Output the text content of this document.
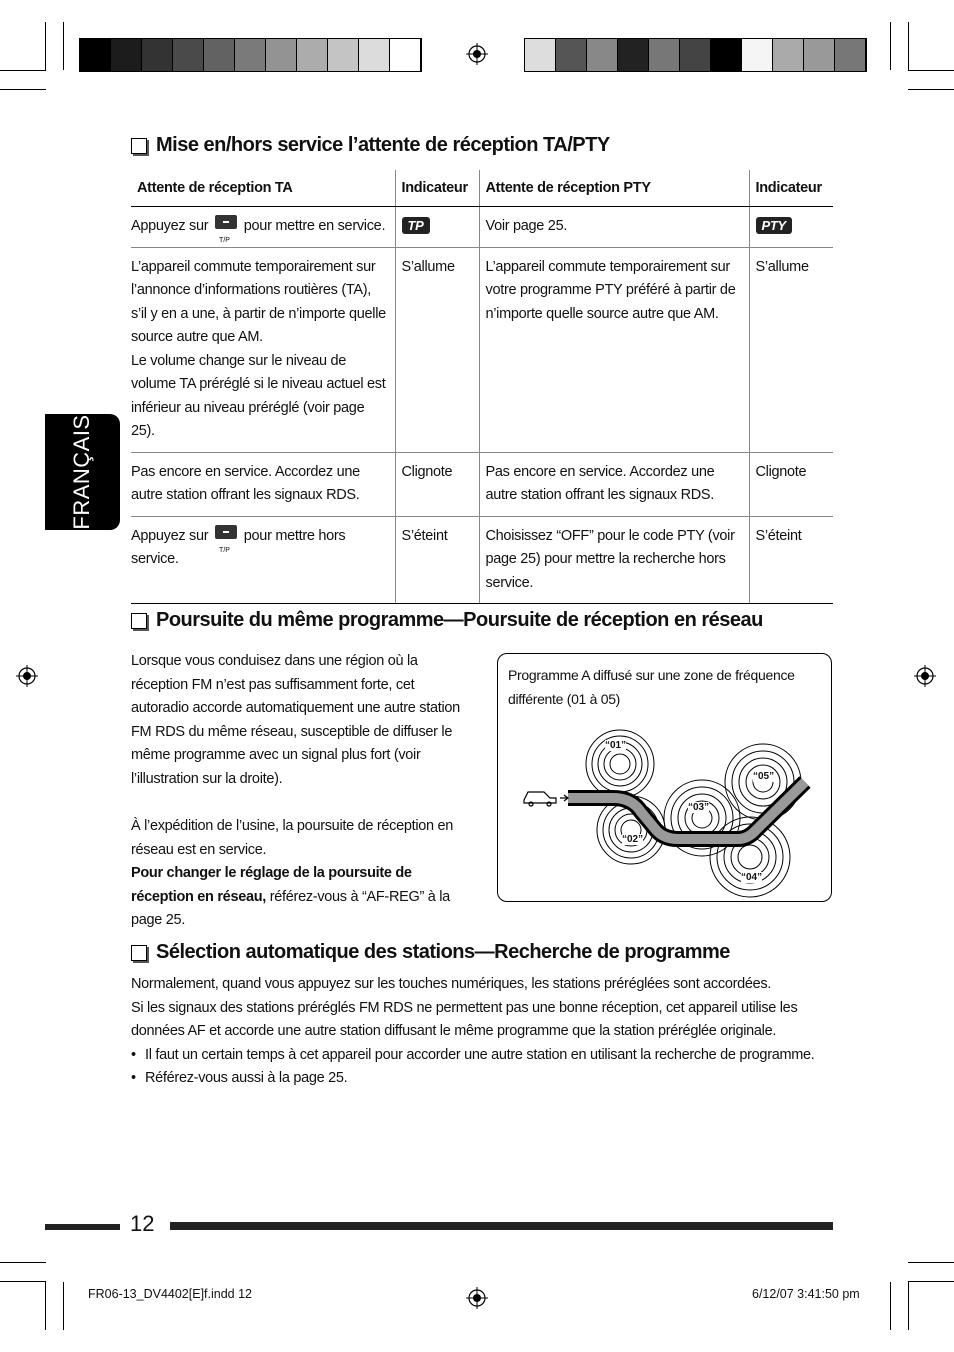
FRANÇAIS
Mise en/hors service l’attente de réception TA/PTY
Attente de réception TA	Indicateur	Attente de réception PTY	Indicateur
Appuyez sur
T/P
pour mettre en service.	TP	Voir page 25.	PTY

L’appareil commute temporairement sur l’annonce d’informations routières (TA), s’il y en a une, à partir de n’importe quelle source autre que AM.
Le volume change sur le niveau de volume TA préréglé si le niveau actuel est inférieur au niveau préréglé (voir page 25).	S’allume	L’appareil commute temporairement sur votre programme PTY préféré à partir de n’importe quelle source autre que AM.	S’allume
Pas encore en service. Accordez une autre station offrant les signaux RDS.	Clignote	Pas encore en service. Accordez une autre station offrant les signaux RDS.	Clignote
Appuyez sur
T/P
pour mettre hors service.	S’éteint	Choisissez “OFF” pour le code PTY (voir page 25) pour mettre la recherche hors service.	S’éteint
Poursuite du même programme—Poursuite de réception en réseau
Lorsque vous conduisez dans une région où la réception FM n’est pas suffisamment forte, cet autoradio accorde automatiquement une autre station FM RDS du même réseau, susceptible de diffuser le même programme avec un signal plus fort (voir l’illustration sur la droite).
À l’expédition de l’usine, la poursuite de réception en réseau est en service.
Pour changer le réglage de la poursuite de réception en réseau, référez-vous à “AF-REG” à la page 25.
Programme A diffusé sur une zone de fréquence différente (01 à 05)
“01”
“02”
“03”
“04”
“05”
Sélection automatique des stations—Recherche de programme
Normalement, quand vous appuyez sur les touches numériques, les stations préréglées sont accordées.
Si les signaux des stations préréglés FM RDS ne permettent pas une bonne réception, cet appareil utilise les données AF et accorde une autre station diffusant le même programme que la station préréglée originale.
• Il faut un certain temps à cet appareil pour accorder une autre station en utilisant la recherche de programme.
• Référez-vous aussi à la page 25.
12
FR06-13_DV4402[E]f.indd 12	6/12/07 3:41:50 pm
